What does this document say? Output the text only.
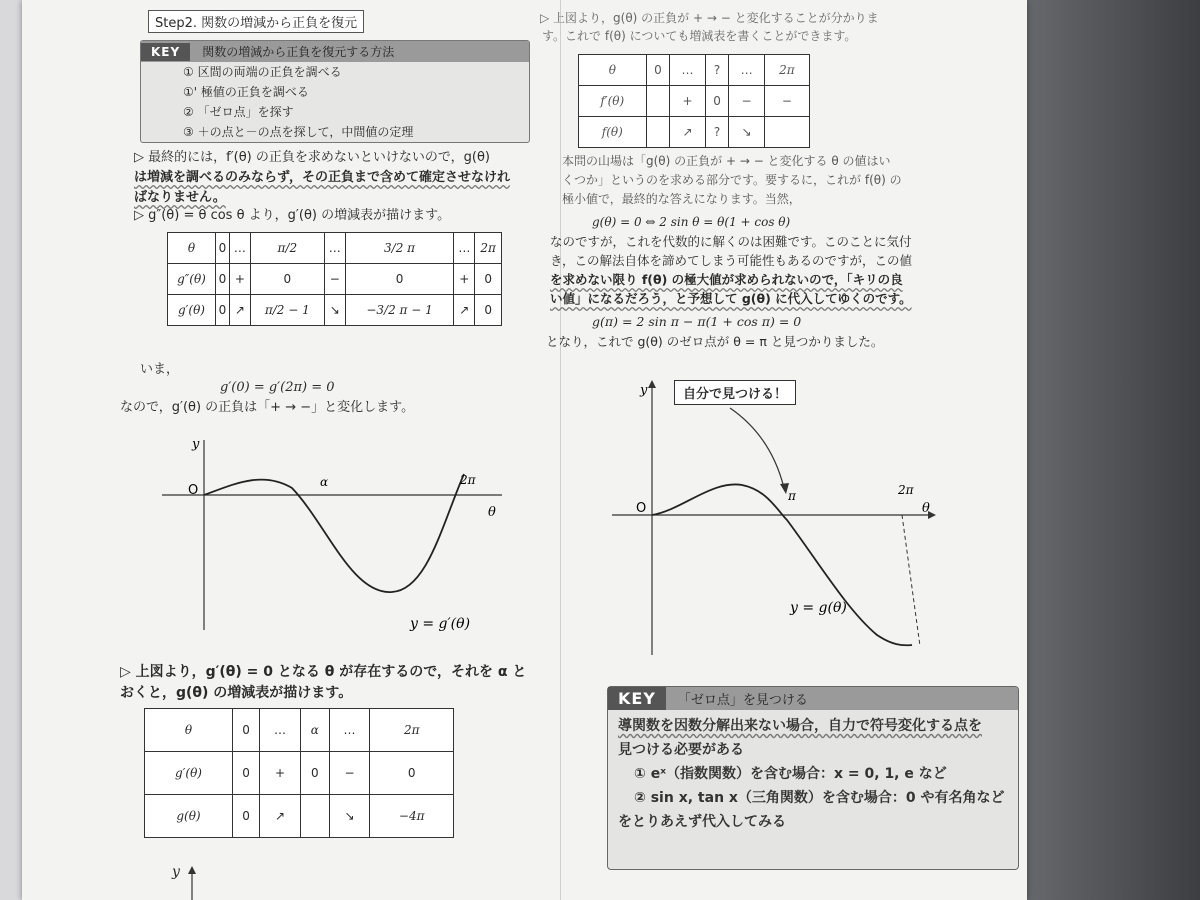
Step2. 関数の増減から正負を復元
KEY	関数の増減から正負を復元する方法
① 区間の両端の正負を調べる
①' 極値の正負を調べる
② 「ゼロ点」を探す
③ ＋の点と－の点を探して，中間値の定理
▷ 最終的には，f′(θ) の正負を求めないといけないので，g(θ)
は増減を調べるのみならず，その正負まで含めて確定させなけれ
ばなりません。
▷ g″(θ) = θ cos θ より，g′(θ) の増減表が描けます。
θ	0	…	π/2	…	3/2 π	…	2π
g″(θ)	0	+	0	−	0	+	0
g′(θ)	0	↗	π/2 − 1	↘	−3/2 π − 1	↗	0
いま，
g′(0) = g′(2π) = 0
なので，g′(θ) の正負は「+ → −」と変化します。
y
θ
O
α	2π
y = g′(θ)
▷ 上図より，g′(θ) = 0 となる θ が存在するので，それを α と
おくと，g(θ) の増減表が描けます。
θ	0	…	α	…	2π
g′(θ)	0	+	0	−	0
g(θ)	0	↗		↘	−4π
y
▷ 上図より，g(θ) の正負が + → − と変化することが分かりま
す。これで f(θ) についても増減表を書くことができます。
θ	0	…	?	…	2π
f′(θ)		+	0	−	−
f(θ)		↗	?	↘	
本問の山場は「g(θ) の正負が + → − と変化する θ の値はい
くつか」というのを求める部分です。要するに，これが f(θ) の
極小値で，最終的な答えになります。当然，
g(θ) = 0 ⇔ 2 sin θ = θ(1 + cos θ)
なのですが，これを代数的に解くのは困難です。このことに気付
き，この解法自体を諦めてしまう可能性もあるのですが，この値
を求めない限り f(θ) の極大値が求められないので，「キリの良
い値」になるだろう，と予想して g(θ) に代入してゆくのです。
g(π) = 2 sin π − π(1 + cos π) = 0
となり，これで g(θ) のゼロ点が θ = π と見つかりました。
自分で見つける！
y
θ
O
π	2π
y = g(θ)
KEY	「ゼロ点」を見つける
導関数を因数分解出来ない場合，自力で符号変化する点を
見つける必要がある
① eˣ（指数関数）を含む場合：x = 0, 1, e など
② sin x, tan x（三角関数）を含む場合：0 や有名角など
をとりあえず代入してみる
